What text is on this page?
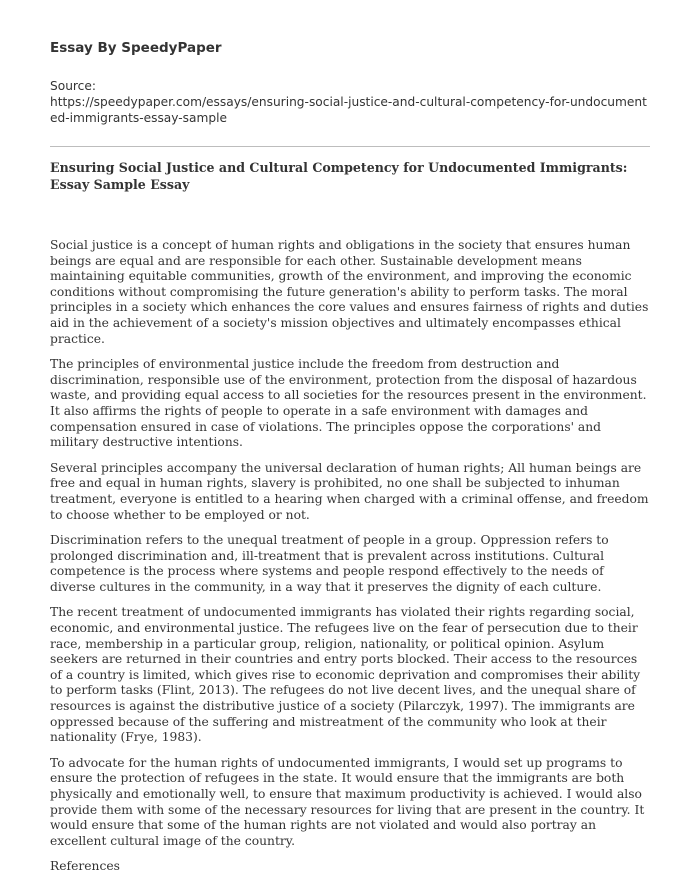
Essay By SpeedyPaper
Source:
https://speedypaper.com/essays/ensuring-social-justice-and-cultural-competency-for-undocumented-immigrants-essay-sample
Ensuring Social Justice and Cultural Competency for Undocumented Immigrants: Essay Sample Essay

Social justice is a concept of human rights and obligations in the society that ensures human beings are equal and are responsible for each other. Sustainable development means maintaining equitable communities, growth of the environment, and improving the economic conditions without compromising the future generation's ability to perform tasks. The moral principles in a society which enhances the core values and ensures fairness of rights and duties aid in the achievement of a society's mission objectives and ultimately encompasses ethical practice.

The principles of environmental justice include the freedom from destruction and discrimination, responsible use of the environment, protection from the disposal of hazardous waste, and providing equal access to all societies for the resources present in the environment. It also affirms the rights of people to operate in a safe environment with damages and compensation ensured in case of violations. The principles oppose the corporations' and military destructive intentions.

Several principles accompany the universal declaration of human rights; All human beings are free and equal in human rights, slavery is prohibited, no one shall be subjected to inhuman treatment, everyone is entitled to a hearing when charged with a criminal offense, and freedom to choose whether to be employed or not.

Discrimination refers to the unequal treatment of people in a group. Oppression refers to prolonged discrimination and, ill-treatment that is prevalent across institutions. Cultural competence is the process where systems and people respond effectively to the needs of diverse cultures in the community, in a way that it preserves the dignity of each culture.

The recent treatment of undocumented immigrants has violated their rights regarding social, economic, and environmental justice. The refugees live on the fear of persecution due to their race, membership in a particular group, religion, nationality, or political opinion. Asylum seekers are returned in their countries and entry ports blocked. Their access to the resources of a country is limited, which gives rise to economic deprivation and compromises their ability to perform tasks (Flint, 2013). The refugees do not live decent lives, and the unequal share of resources is against the distributive justice of a society (Pilarczyk, 1997). The immigrants are oppressed because of the suffering and mistreatment of the community who look at their nationality (Frye, 1983).

To advocate for the human rights of undocumented immigrants, I would set up programs to ensure the protection of refugees in the state. It would ensure that the immigrants are both physically and emotionally well, to ensure that maximum productivity is achieved. I would also provide them with some of the necessary resources for living that are present in the country. It would ensure that some of the human rights are not violated and would also portray an excellent cultural image of the country.

References
